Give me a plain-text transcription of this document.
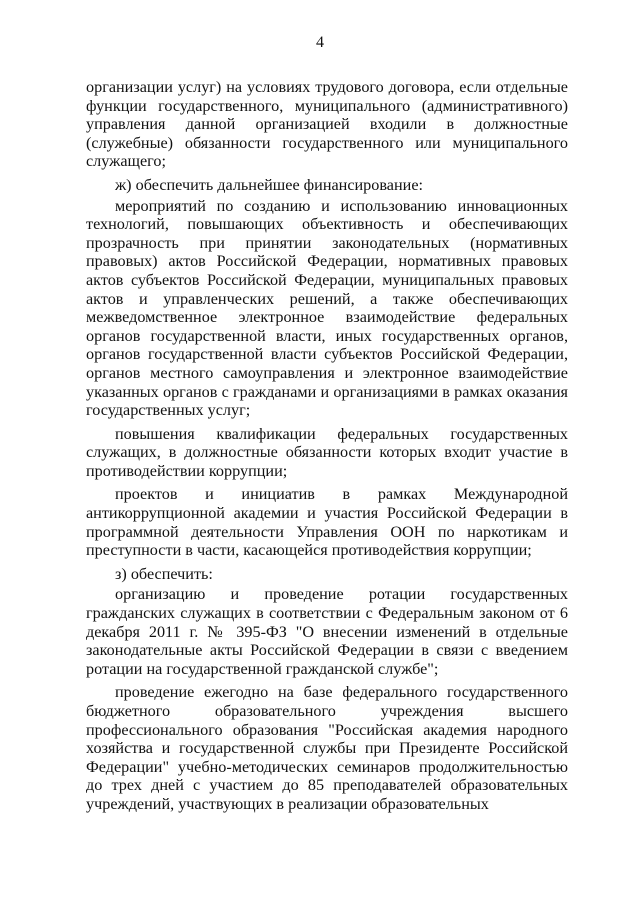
4

организации услуг) на условиях трудового договора, если отдельные функции государственного, муниципального (административного) управления данной организацией входили в должностные (служебные) обязанности государственного или муниципального служащего;

ж) обеспечить дальнейшее финансирование:

мероприятий по созданию и использованию инновационных технологий, повышающих объективность и обеспечивающих прозрачность при принятии законодательных (нормативных правовых) актов Российской Федерации, нормативных правовых актов субъектов Российской Федерации, муниципальных правовых актов и управленческих решений, а также обеспечивающих межведомственное электронное взаимодействие федеральных органов государственной власти, иных государственных органов, органов государственной власти субъектов Российской Федерации, органов местного самоуправления и электронное взаимодействие указанных органов с гражданами и организациями в рамках оказания государственных услуг;

повышения квалификации федеральных государственных служащих, в должностные обязанности которых входит участие в противодействии коррупции;

проектов и инициатив в рамках Международной антикоррупционной академии и участия Российской Федерации в программной деятельности Управления ООН по наркотикам и преступности в части, касающейся противодействия коррупции;

з) обеспечить:

организацию и проведение ротации государственных гражданских служащих в соответствии с Федеральным законом от 6 декабря 2011 г. № 395-ФЗ "О внесении изменений в отдельные законодательные акты Российской Федерации в связи с введением ротации на государственной гражданской службе";

проведение ежегодно на базе федерального государственного бюджетного образовательного учреждения высшего профессионального образования "Российская академия народного хозяйства и государственной службы при Президенте Российской Федерации" учебно-методических семинаров продолжительностью до трех дней с участием до 85 преподавателей образовательных учреждений, участвующих в реализации образовательных
